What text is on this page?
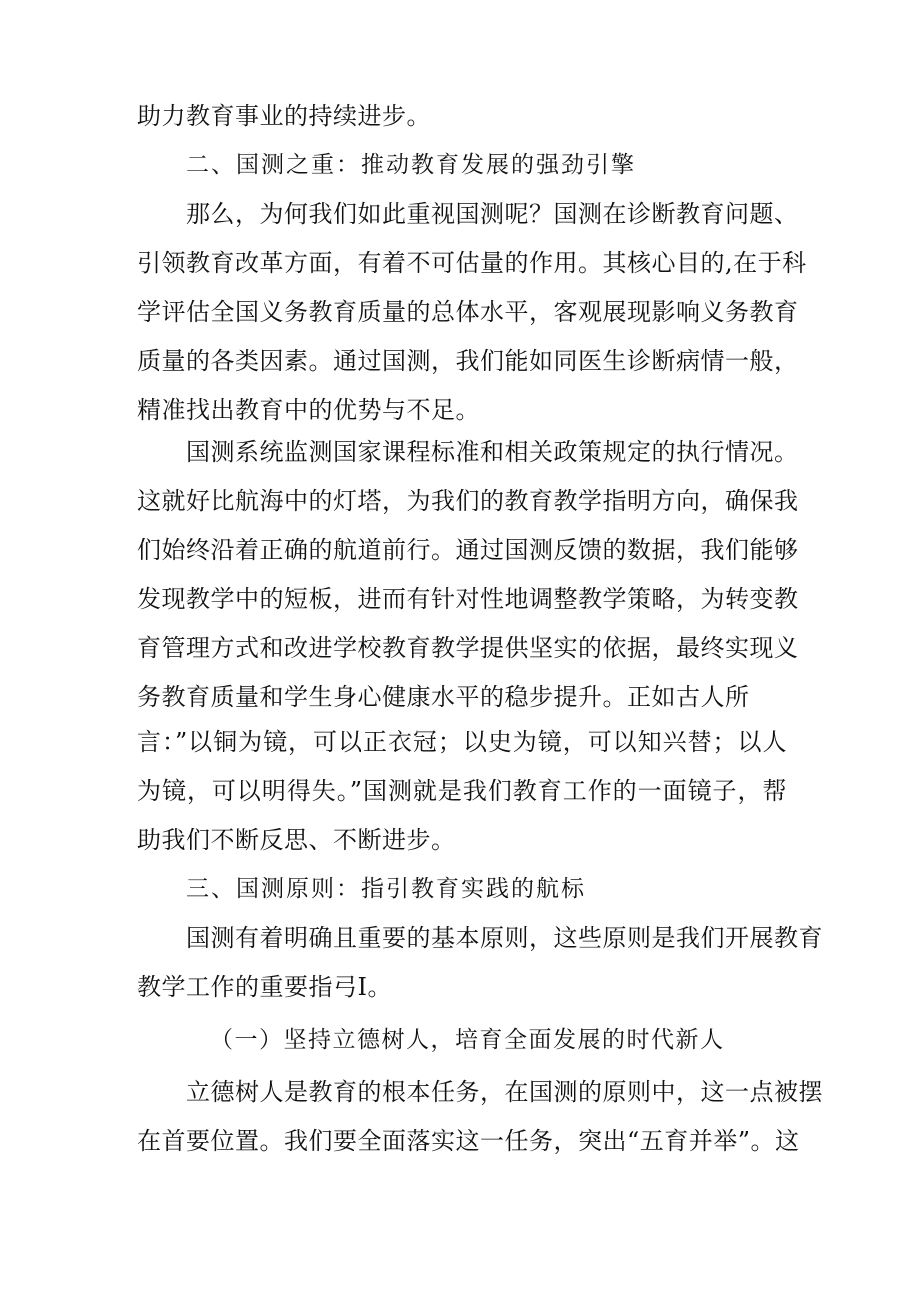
助力教育事业的持续进步。
二、国测之重：推动教育发展的强劲引擎
那么，为何我们如此重视国测呢？国测在诊断教育问题、
引领教育改革方面，有着不可估量的作用。其核心目的,在于科
学评估全国义务教育质量的总体水平，客观展现影响义务教育
质量的各类因素。通过国测，我们能如同医生诊断病情一般，
精准找出教育中的优势与不足。
国测系统监测国家课程标准和相关政策规定的执行情况。
这就好比航海中的灯塔，为我们的教育教学指明方向，确保我
们始终沿着正确的航道前行。通过国测反馈的数据，我们能够
发现教学中的短板，进而有针对性地调整教学策略，为转变教
育管理方式和改进学校教育教学提供坚实的依据，最终实现义
务教育质量和学生身心健康水平的稳步提升。正如古人所
言：”以铜为镜，可以正衣冠；以史为镜，可以知兴替；以人
为镜，可以明得失。”国测就是我们教育工作的一面镜子，帮
助我们不断反思、不断进步。
三、国测原则：指引教育实践的航标
国测有着明确且重要的基本原则，这些原则是我们开展教育
教学工作的重要指弓I。
（一）坚持立德树人，培育全面发展的时代新人
立德树人是教育的根本任务，在国测的原则中，这一点被摆
在首要位置。我们要全面落实这一任务，突出“五育并举”。这
